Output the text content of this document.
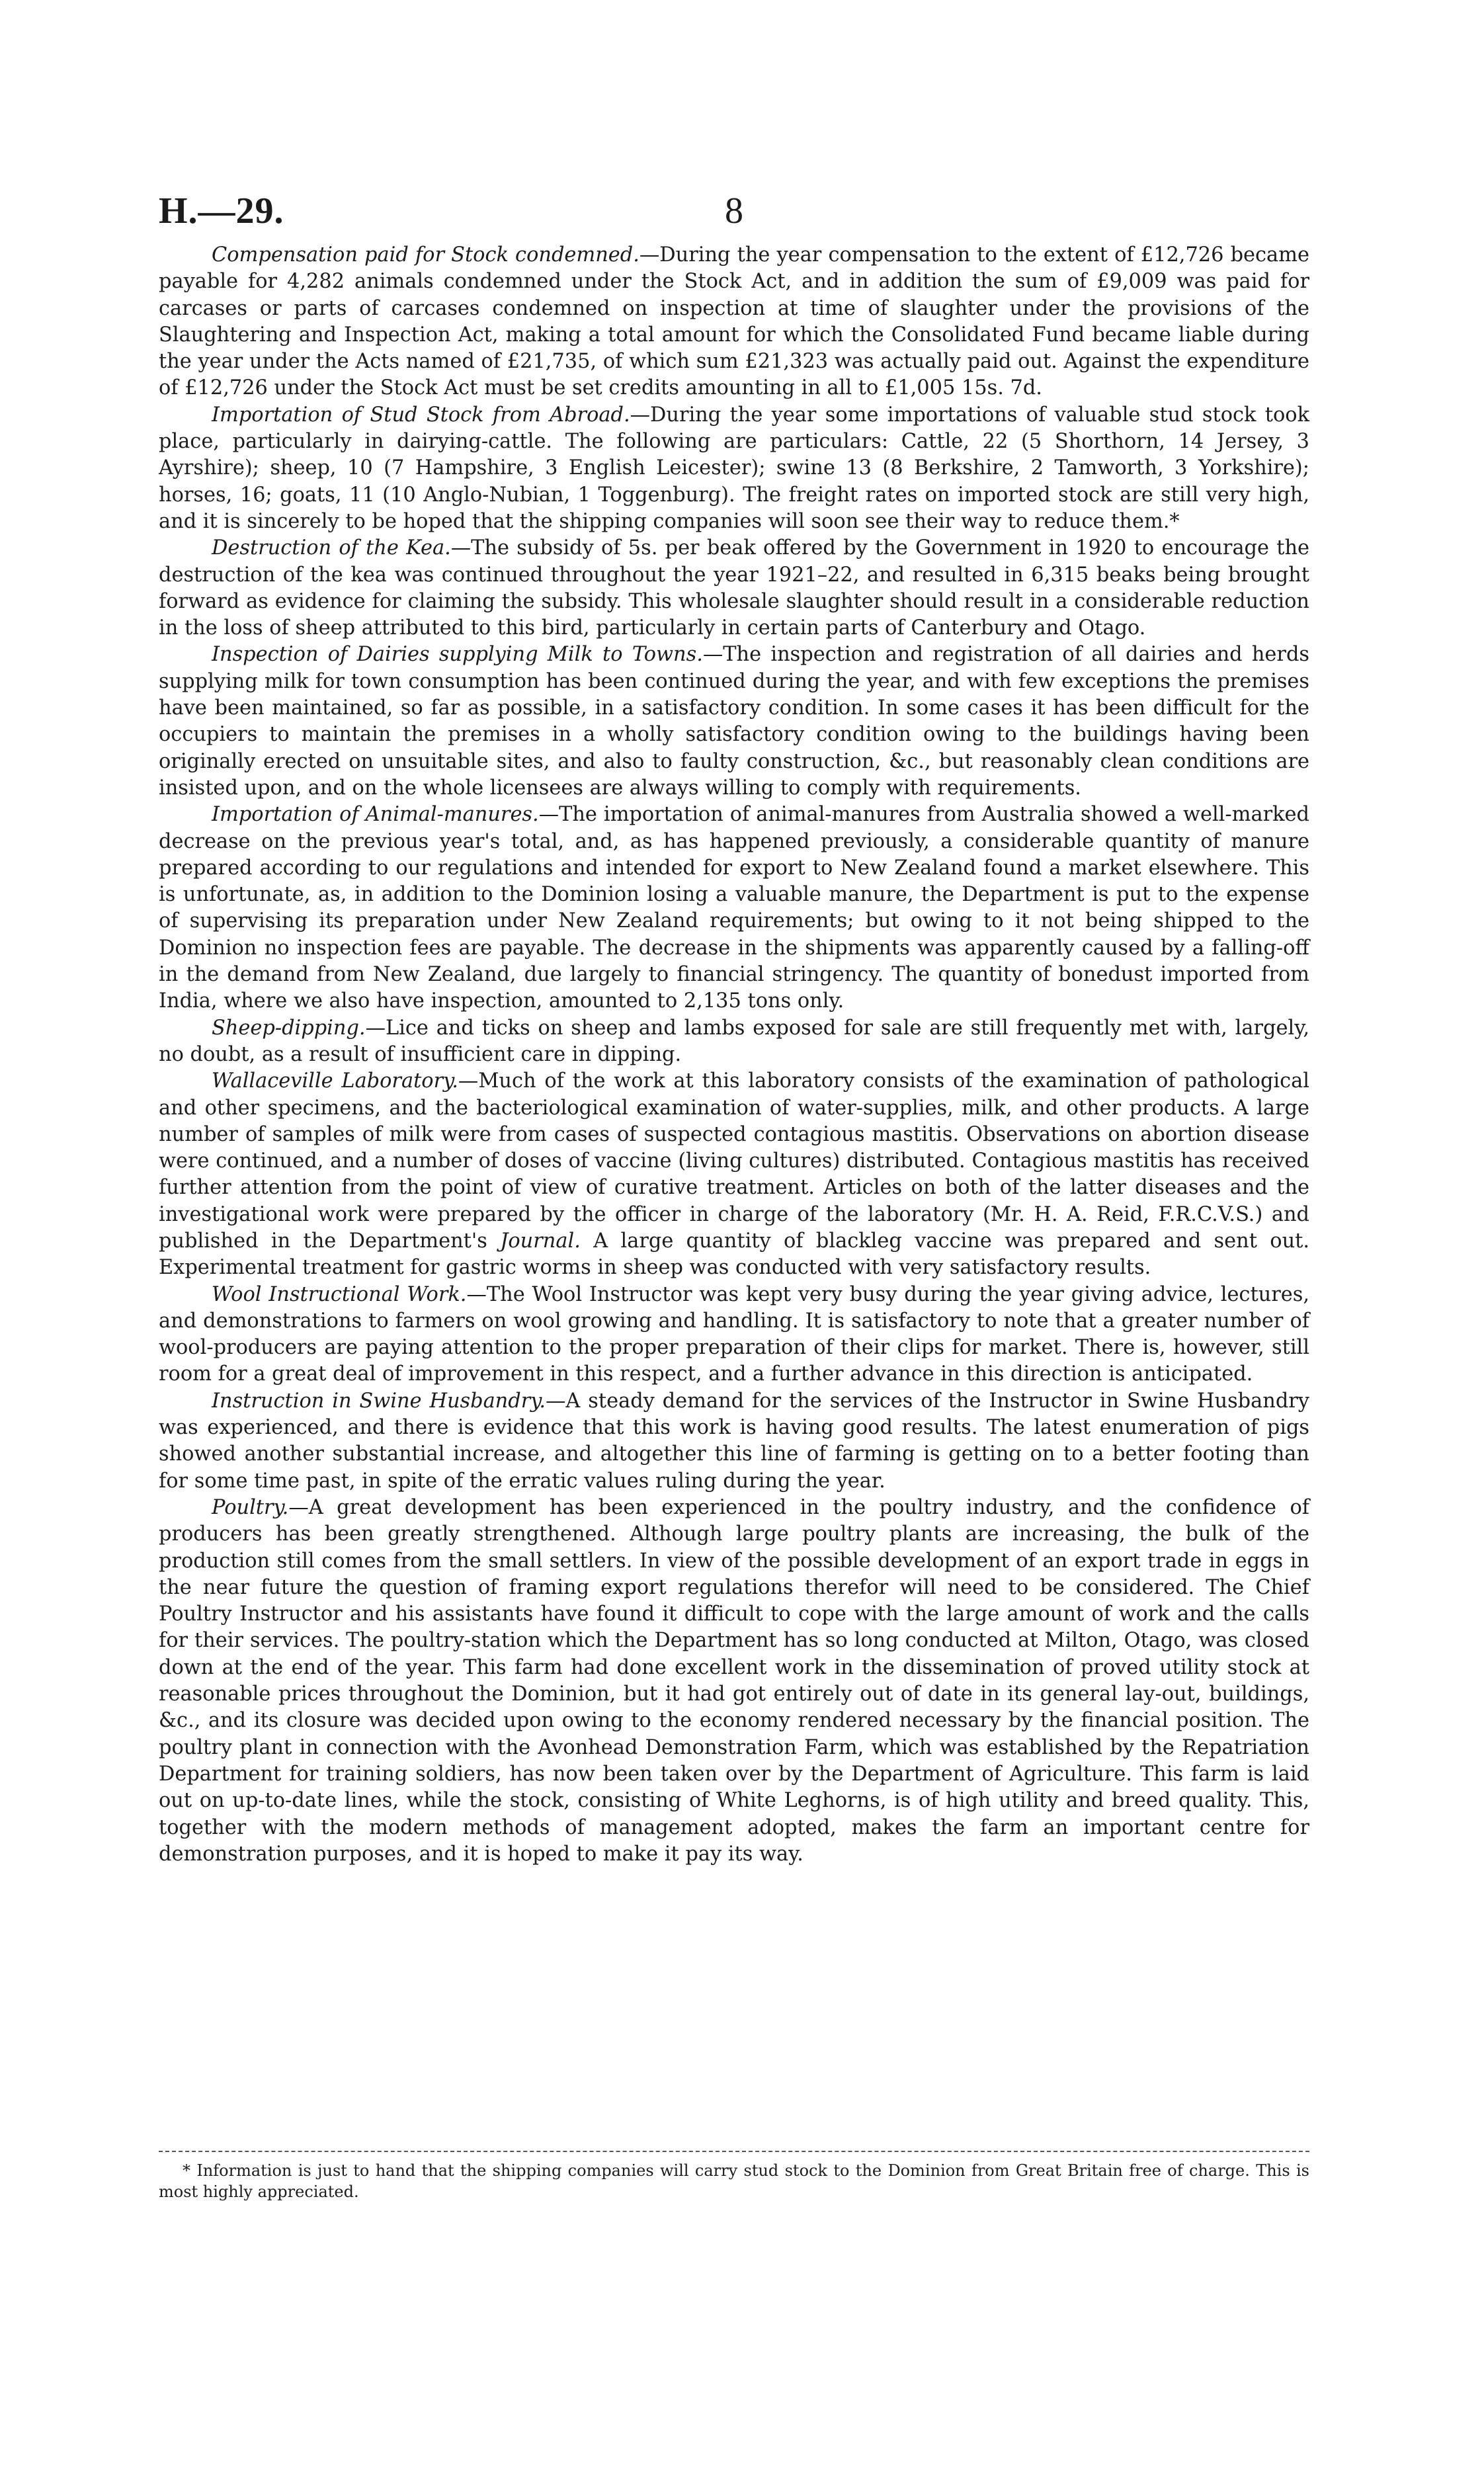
H.—29.	8

Compensation paid for Stock condemned.—During the year compensation to the extent of £12,726 became payable for 4,282 animals condemned under the Stock Act, and in addition the sum of £9,009 was paid for carcases or parts of carcases condemned on inspection at time of slaughter under the provisions of the Slaughtering and Inspection Act, making a total amount for which the Consolidated Fund became liable during the year under the Acts named of £21,735, of which sum £21,323 was actually paid out. Against the expenditure of £12,726 under the Stock Act must be set credits amounting in all to £1,005 15s. 7d.

Importation of Stud Stock from Abroad.—During the year some importations of valuable stud stock took place, particularly in dairying-cattle. The following are particulars: Cattle, 22 (5 Shorthorn, 14 Jersey, 3 Ayrshire); sheep, 10 (7 Hampshire, 3 English Leicester); swine 13 (8 Berkshire, 2 Tamworth, 3 Yorkshire); horses, 16; goats, 11 (10 Anglo-Nubian, 1 Toggenburg). The freight rates on imported stock are still very high, and it is sincerely to be hoped that the shipping companies will soon see their way to reduce them.*

Destruction of the Kea.—The subsidy of 5s. per beak offered by the Government in 1920 to encourage the destruction of the kea was continued throughout the year 1921–22, and resulted in 6,315 beaks being brought forward as evidence for claiming the subsidy. This wholesale slaughter should result in a considerable reduction in the loss of sheep attributed to this bird, particularly in certain parts of Canterbury and Otago.

Inspection of Dairies supplying Milk to Towns.—The inspection and registration of all dairies and herds supplying milk for town consumption has been continued during the year, and with few exceptions the premises have been maintained, so far as possible, in a satisfactory condition. In some cases it has been difficult for the occupiers to maintain the premises in a wholly satisfactory condition owing to the buildings having been originally erected on unsuitable sites, and also to faulty construction, &c., but reasonably clean conditions are insisted upon, and on the whole licensees are always willing to comply with requirements.

Importation of Animal-manures.—The importation of animal-manures from Australia showed a well-marked decrease on the previous year's total, and, as has happened previously, a considerable quantity of manure prepared according to our regulations and intended for export to New Zealand found a market elsewhere. This is unfortunate, as, in addition to the Dominion losing a valuable manure, the Department is put to the expense of supervising its preparation under New Zealand requirements; but owing to it not being shipped to the Dominion no inspection fees are payable. The decrease in the shipments was apparently caused by a falling-off in the demand from New Zealand, due largely to financial stringency. The quantity of bonedust imported from India, where we also have inspection, amounted to 2,135 tons only.

Sheep-dipping.—Lice and ticks on sheep and lambs exposed for sale are still frequently met with, largely, no doubt, as a result of insufficient care in dipping.

Wallaceville Laboratory.—Much of the work at this laboratory consists of the examination of pathological and other specimens, and the bacteriological examination of water-supplies, milk, and other products. A large number of samples of milk were from cases of suspected contagious mastitis. Observations on abortion disease were continued, and a number of doses of vaccine (living cultures) distributed. Contagious mastitis has received further attention from the point of view of curative treatment. Articles on both of the latter diseases and the investigational work were prepared by the officer in charge of the laboratory (Mr. H. A. Reid, F.R.C.V.S.) and published in the Department's Journal. A large quantity of blackleg vaccine was prepared and sent out. Experimental treatment for gastric worms in sheep was conducted with very satisfactory results.

Wool Instructional Work.—The Wool Instructor was kept very busy during the year giving advice, lectures, and demonstrations to farmers on wool growing and handling. It is satisfactory to note that a greater number of wool-producers are paying attention to the proper preparation of their clips for market. There is, however, still room for a great deal of improvement in this respect, and a further advance in this direction is anticipated.

Instruction in Swine Husbandry.—A steady demand for the services of the Instructor in Swine Husbandry was experienced, and there is evidence that this work is having good results. The latest enumeration of pigs showed another substantial increase, and altogether this line of farming is getting on to a better footing than for some time past, in spite of the erratic values ruling during the year.

Poultry.—A great development has been experienced in the poultry industry, and the confidence of producers has been greatly strengthened. Although large poultry plants are increasing, the bulk of the production still comes from the small settlers. In view of the possible development of an export trade in eggs in the near future the question of framing export regulations therefor will need to be considered. The Chief Poultry Instructor and his assistants have found it difficult to cope with the large amount of work and the calls for their services. The poultry-station which the Department has so long conducted at Milton, Otago, was closed down at the end of the year. This farm had done excellent work in the dissemination of proved utility stock at reasonable prices throughout the Dominion, but it had got entirely out of date in its general lay-out, buildings, &c., and its closure was decided upon owing to the economy rendered necessary by the financial position. The poultry plant in connection with the Avonhead Demonstration Farm, which was established by the Repatriation Department for training soldiers, has now been taken over by the Department of Agriculture. This farm is laid out on up-to-date lines, while the stock, consisting of White Leghorns, is of high utility and breed quality. This, together with the modern methods of management adopted, makes the farm an important centre for demonstration purposes, and it is hoped to make it pay its way.

* Information is just to hand that the shipping companies will carry stud stock to the Dominion from Great Britain free of charge. This is most highly appreciated.
